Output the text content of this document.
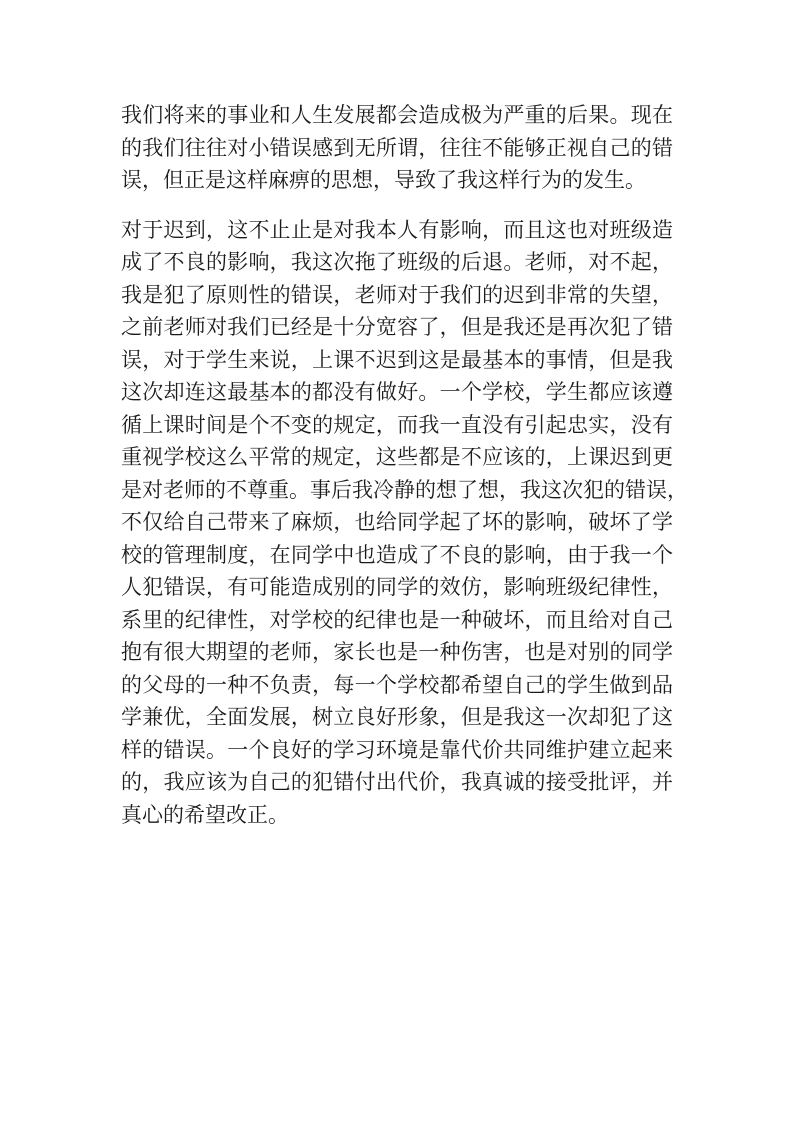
我们将来的事业和人生发展都会造成极为严重的后果。现在
的我们往往对小错误感到无所谓，往往不能够正视自己的错
误，但正是这样麻痹的思想，导致了我这样行为的发生。

对于迟到，这不止止是对我本人有影响，而且这也对班级造
成了不良的影响，我这次拖了班级的后退。老师，对不起，
我是犯了原则性的错误，老师对于我们的迟到非常的失望，
之前老师对我们已经是十分宽容了，但是我还是再次犯了错
误，对于学生来说，上课不迟到这是最基本的事情，但是我
这次却连这最基本的都没有做好。一个学校，学生都应该遵
循上课时间是个不变的规定，而我一直没有引起忠实，没有
重视学校这么平常的规定，这些都是不应该的，上课迟到更
是对老师的不尊重。事后我冷静的想了想，我这次犯的错误，
不仅给自己带来了麻烦，也给同学起了坏的影响，破坏了学
校的管理制度，在同学中也造成了不良的影响，由于我一个
人犯错误，有可能造成别的同学的效仿，影响班级纪律性，
系里的纪律性，对学校的纪律也是一种破坏，而且给对自己
抱有很大期望的老师，家长也是一种伤害，也是对别的同学
的父母的一种不负责，每一个学校都希望自己的学生做到品
学兼优，全面发展，树立良好形象，但是我这一次却犯了这
样的错误。一个良好的学习环境是靠代价共同维护建立起来
的，我应该为自己的犯错付出代价，我真诚的接受批评，并
真心的希望改正。
